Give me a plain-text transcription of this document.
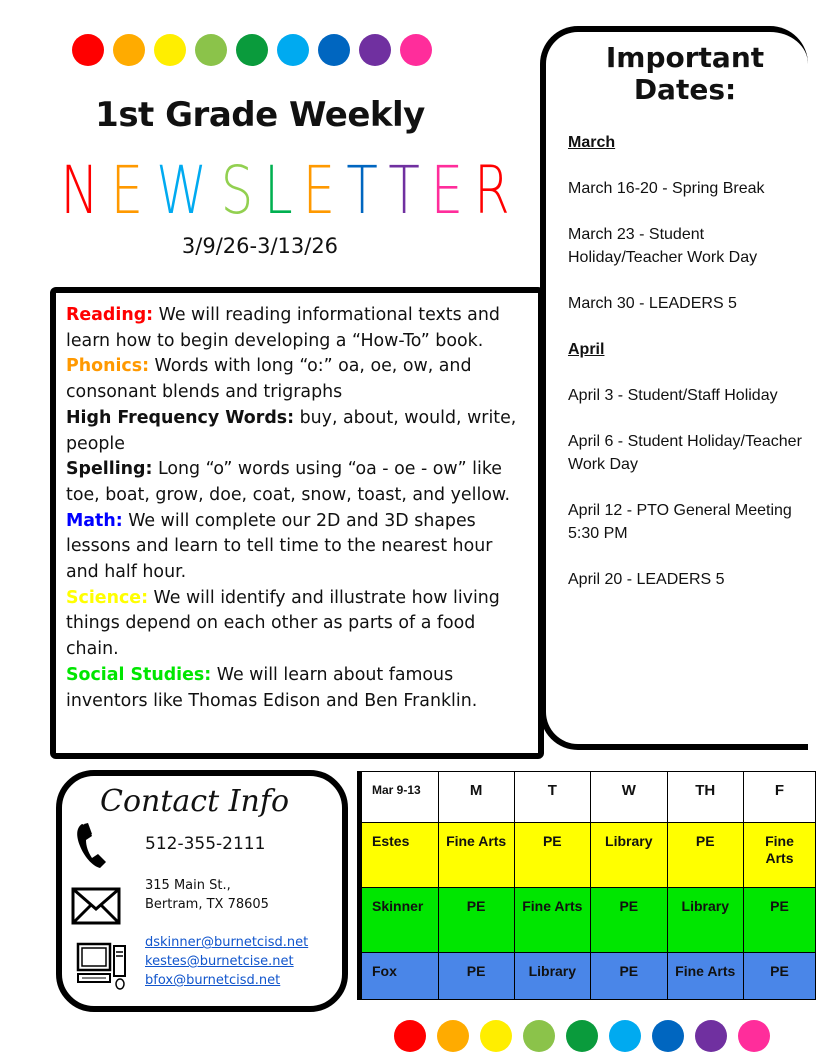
1st Grade Weekly
N E W S L E T T E R
3/9/26-3/13/26

Reading: We will reading informational texts and learn how to begin developing a “How-To” book.

Phonics: Words with long “o:” oa, oe, ow, and consonant blends and trigraphs

High Frequency Words: buy, about, would, write, people

Spelling: Long “o” words using “oa - oe - ow” like toe, boat, grow, doe, coat, snow, toast, and yellow.

Math: We will complete our 2D and 3D shapes lessons and learn to tell time to the nearest hour and half hour.

Science: We will identify and illustrate how living things depend on each other as parts of a food chain.

Social Studies: We will learn about famous inventors like Thomas Edison and Ben Franklin.

Important
Dates:
March
March 16-20 - Spring Break
March 23 - Student Holiday/Teacher Work Day
March 30 - LEADERS 5
April
April 3 - Student/Staff Holiday
April 6 - Student Holiday/Teacher Work Day
April 12 - PTO General Meeting 5:30 PM
April 20 - LEADERS 5
Contact Info
512-355-2111
315 Main St.,
Bertram, TX 78605
dskinner@burnetcisd.net
kestes@burnetcise.net
bfox@burnetcisd.net
Mar 9-13	M	T	W	TH	F
Estes	Fine Arts	PE	Library	PE	Fine Arts
Skinner	PE	Fine Arts	PE	Library	PE
Fox	PE	Library	PE	Fine Arts	PE
